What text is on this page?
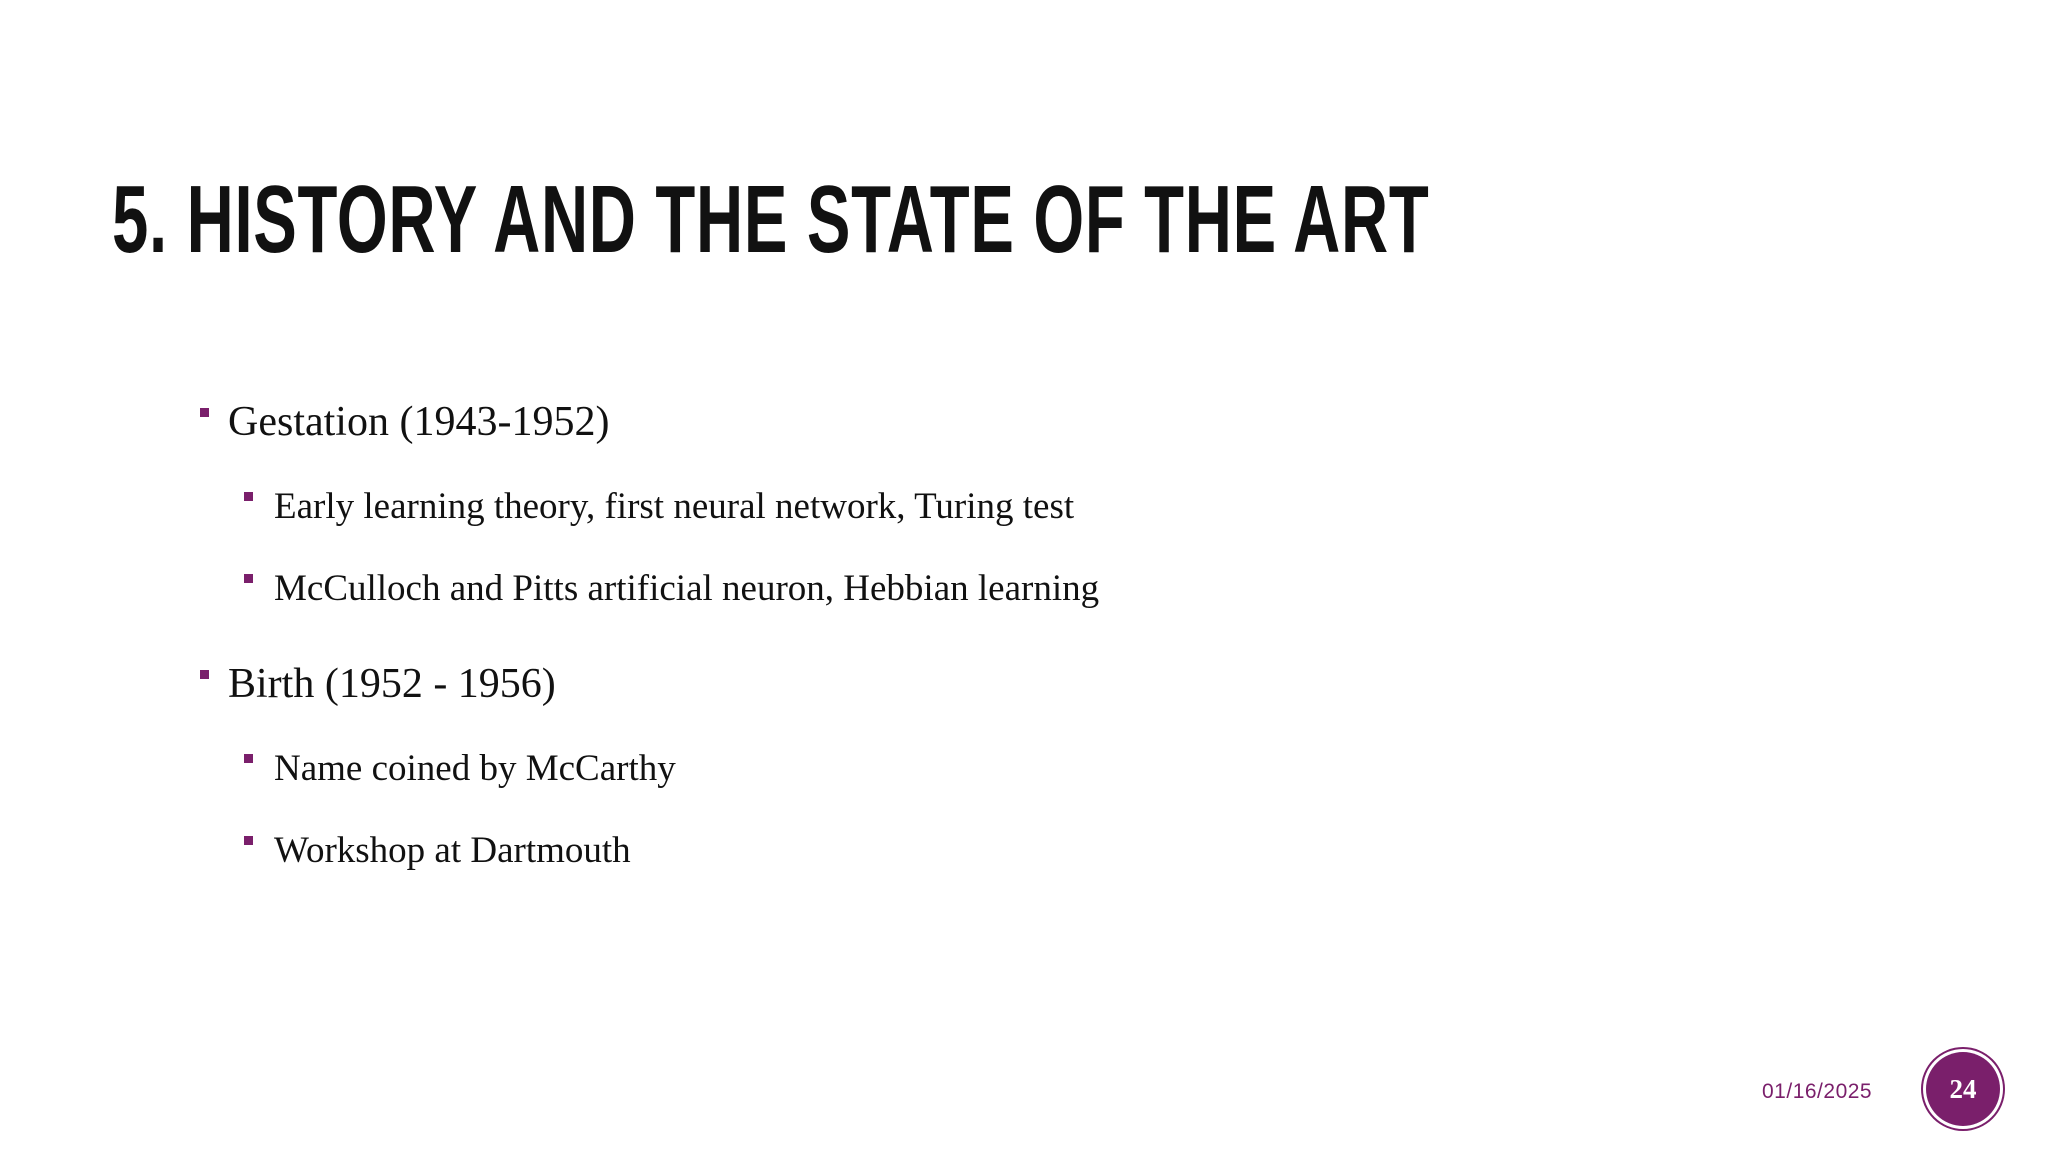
5. HISTORY AND THE STATE OF THE ART
Gestation (1943-1952)
Early learning theory, first neural network, Turing test
McCulloch and Pitts artificial neuron, Hebbian learning
Birth (1952 - 1956)
Name coined by McCarthy
Workshop at Dartmouth
01/16/2025	24
